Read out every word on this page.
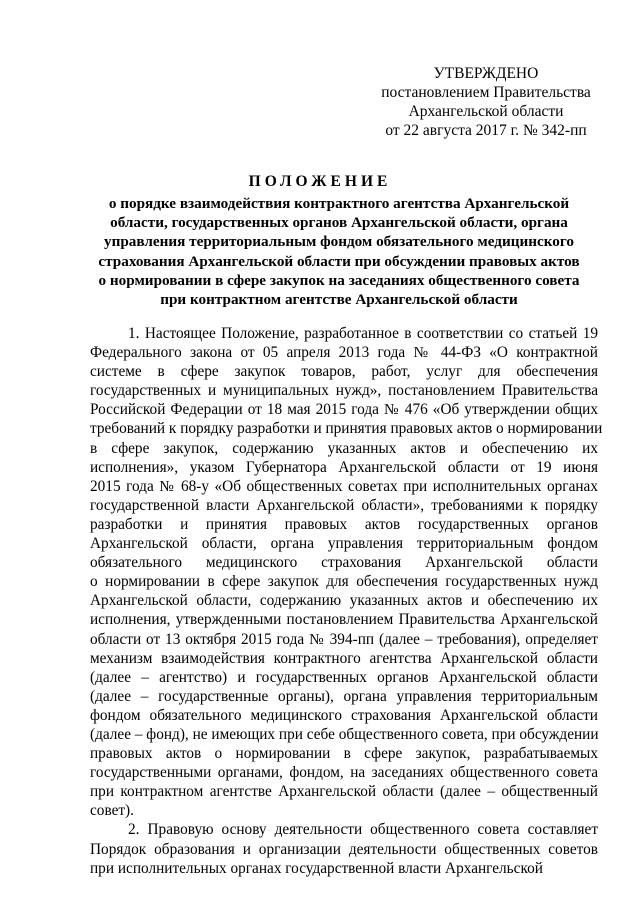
УТВЕРЖДЕНО
постановлением Правительства
Архангельской области
от 22 августа 2017 г. № 342-пп
ПОЛОЖЕНИЕ
о порядке взаимодействия контрактного агентства Архангельской
области, государственных органов Архангельской области, органа
управления территориальным фондом обязательного медицинского
страхования Архангельской области при обсуждении правовых актов
о нормировании в сфере закупок на заседаниях общественного совета
при контрактном агентстве Архангельской области
1. Настоящее Положение, разработанное в соответствии со статьей 19
Федерального закона от 05 апреля 2013 года № 44-ФЗ «О контрактной
системе в сфере закупок товаров, работ, услуг для обеспечения
государственных и муниципальных нужд», постановлением Правительства
Российской Федерации от 18 мая 2015 года № 476 «Об утверждении общих
требований к порядку разработки и принятия правовых актов о нормировании
в сфере закупок, содержанию указанных актов и обеспечению их
исполнения», указом Губернатора Архангельской области от 19 июня
2015 года № 68-у «Об общественных советах при исполнительных органах
государственной власти Архангельской области», требованиями к порядку
разработки и принятия правовых актов государственных органов
Архангельской области, органа управления территориальным фондом
обязательного медицинского страхования Архангельской области
о нормировании в сфере закупок для обеспечения государственных нужд
Архангельской области, содержанию указанных актов и обеспечению их
исполнения, утвержденными постановлением Правительства Архангельской
области от 13 октября 2015 года № 394-пп (далее – требования), определяет
механизм взаимодействия контрактного агентства Архангельской области
(далее – агентство) и государственных органов Архангельской области
(далее – государственные органы), органа управления территориальным
фондом обязательного медицинского страхования Архангельской области
(далее – фонд), не имеющих при себе общественного совета, при обсуждении
правовых актов о нормировании в сфере закупок, разрабатываемых
государственными органами, фондом, на заседаниях общественного совета
при контрактном агентстве Архангельской области (далее – общественный
совет).
2. Правовую основу деятельности общественного совета составляет
Порядок образования и организации деятельности общественных советов
при исполнительных органах государственной власти Архангельской
